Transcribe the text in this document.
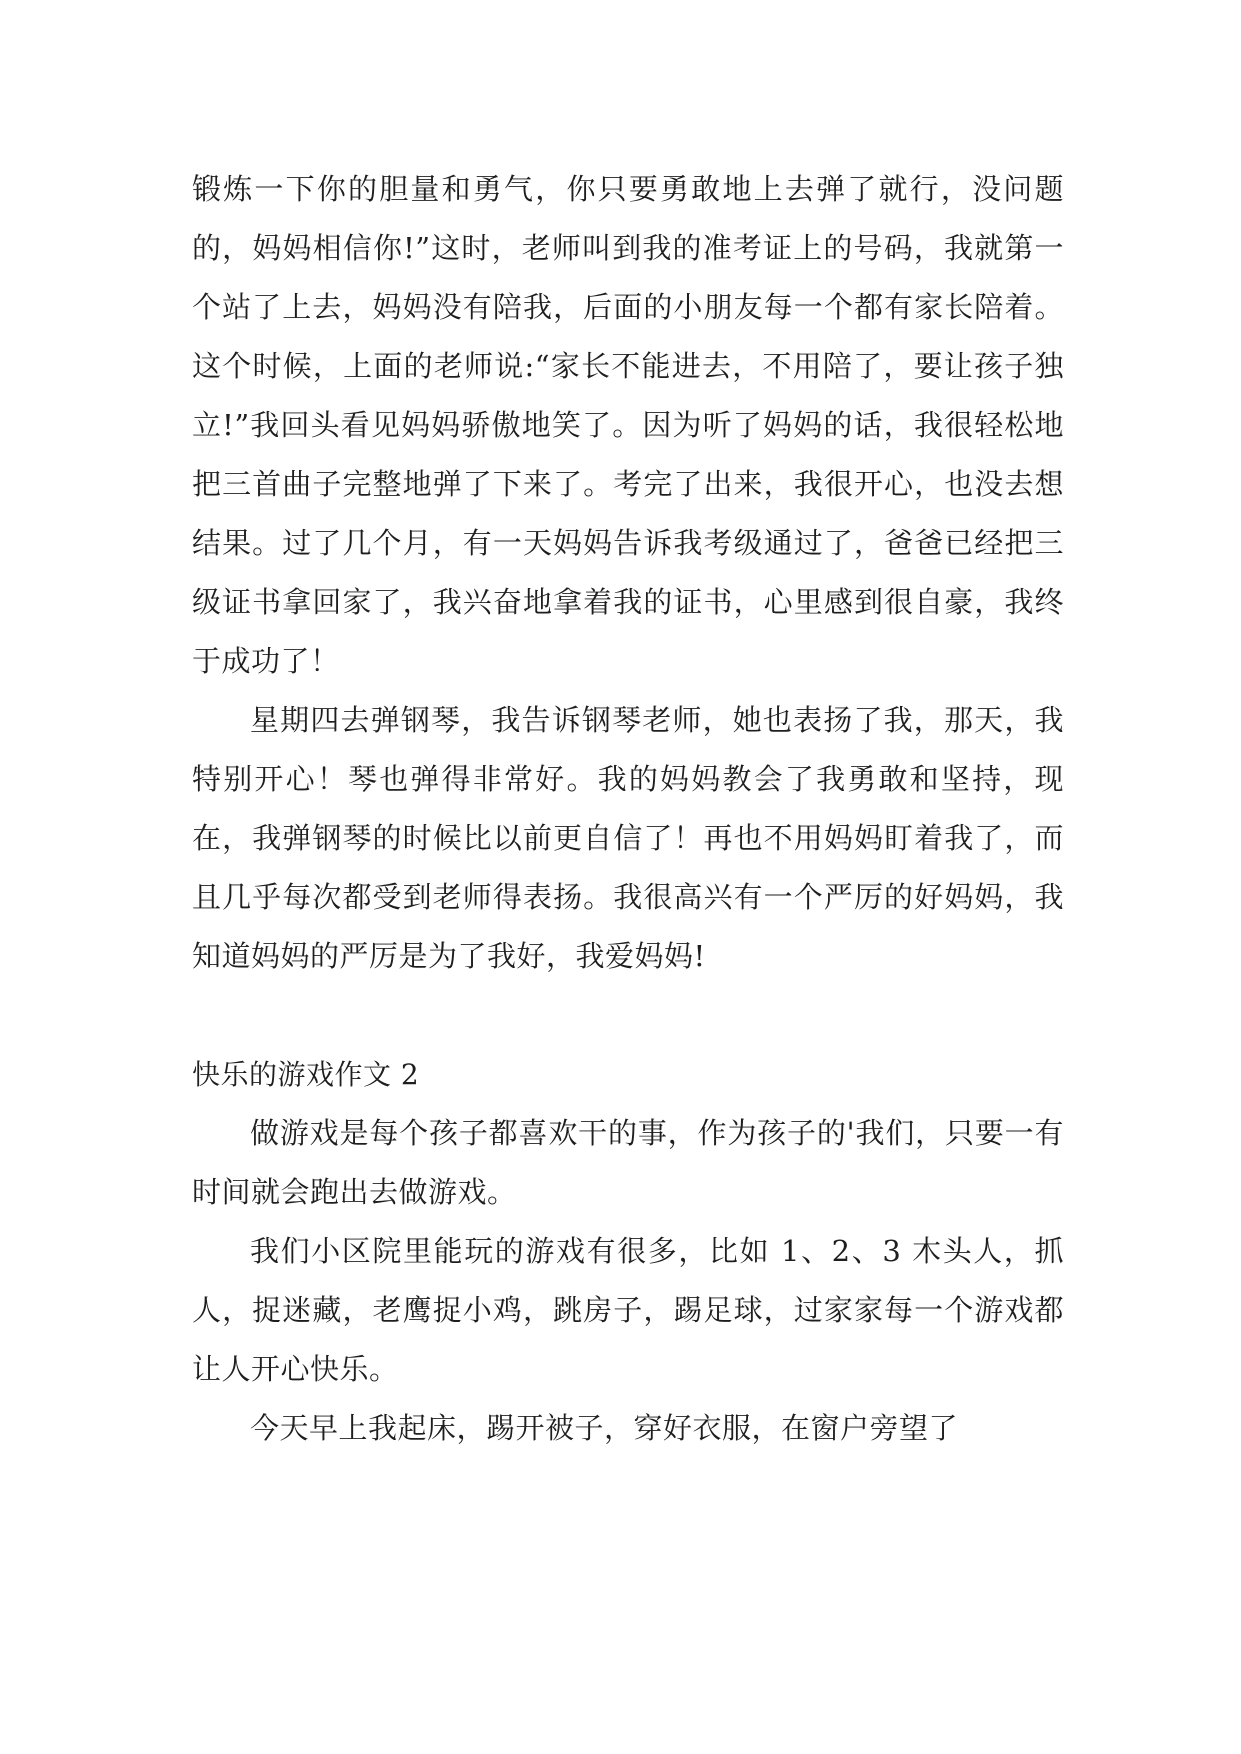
锻炼一下你的胆量和勇气，你只要勇敢地上去弹了就行，没问题的，妈妈相信你!”这时，老师叫到我的准考证上的号码，我就第一个站了上去，妈妈没有陪我，后面的小朋友每一个都有家长陪着。这个时候，上面的老师说:“家长不能进去，不用陪了，要让孩子独立!”我回头看见妈妈骄傲地笑了。因为听了妈妈的话，我很轻松地把三首曲子完整地弹了下来了。考完了出来，我很开心，也没去想结果。过了几个月，有一天妈妈告诉我考级通过了，爸爸已经把三级证书拿回家了，我兴奋地拿着我的证书，心里感到很自豪，我终于成功了！

星期四去弹钢琴，我告诉钢琴老师，她也表扬了我，那天，我特别开心！琴也弹得非常好。我的妈妈教会了我勇敢和坚持，现在，我弹钢琴的时候比以前更自信了！再也不用妈妈盯着我了，而且几乎每次都受到老师得表扬。我很高兴有一个严厉的好妈妈，我知道妈妈的严厉是为了我好，我爱妈妈!

快乐的游戏作文 2

做游戏是每个孩子都喜欢干的事，作为孩子的'我们，只要一有时间就会跑出去做游戏。

我们小区院里能玩的游戏有很多，比如 1、2、3 木头人，抓人，捉迷藏，老鹰捉小鸡，跳房子，踢足球，过家家每一个游戏都让人开心快乐。

今天早上我起床，踢开被子，穿好衣服，在窗户旁望了
